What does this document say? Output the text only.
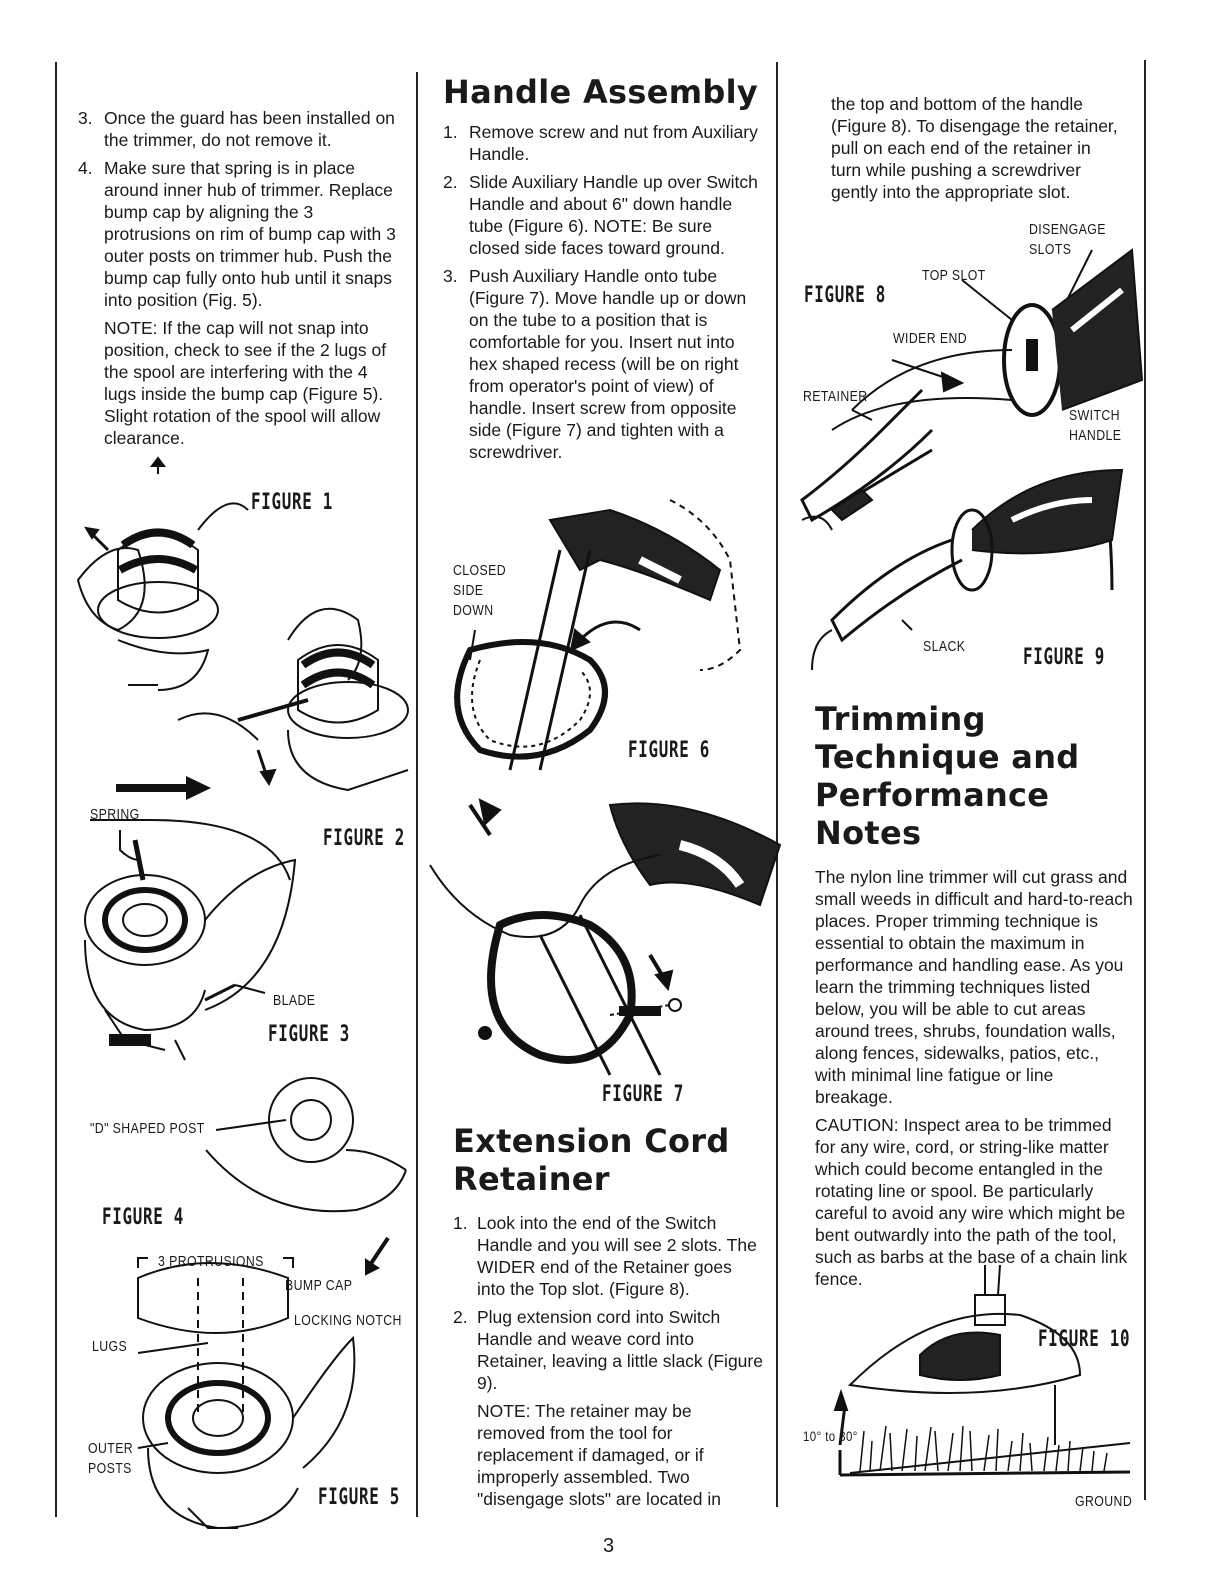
3. Once the guard has been installed on the trimmer, do not remove it.
4. Make sure that spring is in place around inner hub of trimmer. Replace bump cap by aligning the 3 protrusions on rim of bump cap with 3 outer posts on trimmer hub. Push the bump cap fully onto hub until it snaps into position (Fig. 5).

NOTE: If the cap will not snap into position, check to see if the 2 lugs of the spool are interfering with the 4 lugs inside the bump cap (Figure 5). Slight rotation of the spool will allow clearance.

FIGURE 1
FIGURE 2
SPRING
BLADE
FIGURE 3
"D" SHAPED POST
FIGURE 4
3 PROTRUSIONS
BUMP CAP
LOCKING NOTCH
LUGS
OUTER
POSTS
FIGURE 5
Handle Assembly
1. Remove screw and nut from Auxiliary Handle.
2. Slide Auxiliary Handle up over Switch Handle and about 6" down handle tube (Figure 6). NOTE: Be sure closed side faces toward ground.
3. Push Auxiliary Handle onto tube (Figure 7). Move handle up or down on the tube to a position that is comfortable for you. Insert nut into hex shaped recess (will be on right from operator's point of view) of handle. Insert screw from opposite side (Figure 7) and tighten with a screwdriver.
CLOSED
SIDE
DOWN
FIGURE 6
FIGURE 7
Extension Cord
Retainer
1. Look into the end of the Switch Handle and you will see 2 slots. The WIDER end of the Retainer goes into the Top slot. (Figure 8).
2. Plug extension cord into Switch Handle and weave cord into Retainer, leaving a little slack (Figure 9).

NOTE: The retainer may be removed from the tool for replacement if damaged, or if improperly assembled. Two "disengage slots" are located in

the top and bottom of the handle (Figure 8). To disengage the retainer, pull on each end of the retainer in turn while pushing a screwdriver gently into the appropriate slot.

DISENGAGE
SLOTS
TOP SLOT
FIGURE 8
WIDER END
RETAINER
SWITCH
HANDLE
SLACK	FIGURE 9
Trimming
Technique and
Performance Notes

The nylon line trimmer will cut grass and small weeds in difficult and hard-to-reach places. Proper trimming technique is essential to obtain the maximum in performance and handling ease. As you learn the trimming techniques listed below, you will be able to cut areas around trees, shrubs, foundation walls, along fences, sidewalks, patios, etc., with minimal line fatigue or line breakage.

CAUTION: Inspect area to be trimmed for any wire, cord, or string-like matter which could become entangled in the rotating line or spool. Be particularly careful to avoid any wire which might be bent outwardly into the path of the tool, such as barbs at the base of a chain link fence.

FIGURE 10
10° to 30°
GROUND
3
